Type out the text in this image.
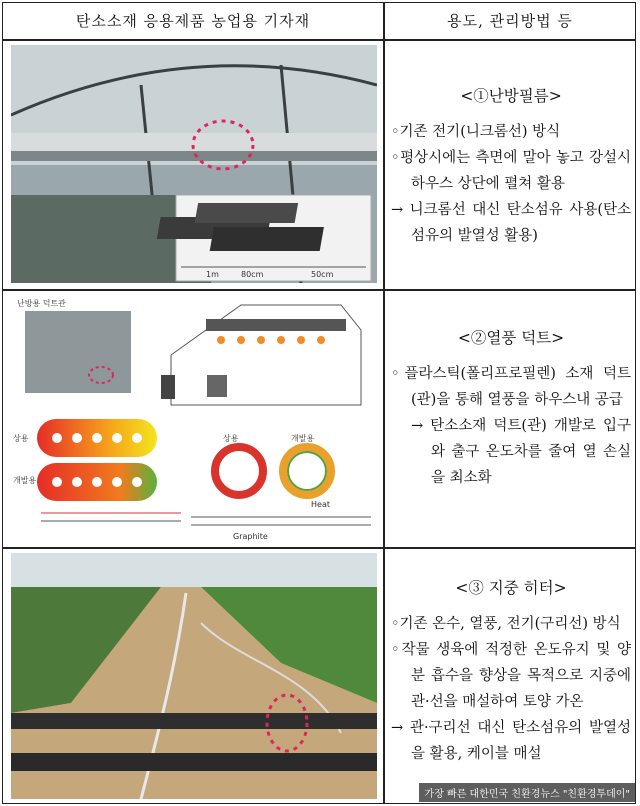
탄소소재 응용제품 농업용 기자재	용도, 관리방법 등
1m	80cm	50cm
<①난방필름>

◦기존 전기(니크롬선) 방식

◦평상시에는 측면에 말아 놓고 강설시 하우스 상단에 펼쳐 활용

→ 니크롬선 대신 탄소섬유 사용(탄소섬유의 발열성 활용)

난방용 덕트관
상용
개발용
상용	개발용
Heat
Graphite
<②열풍 덕트>

◦플라스틱(폴리프로필렌) 소재 덕트(관)을 통해 열풍을 하우스내 공급

→ 탄소소재 덕트(관) 개발로 입구와 출구 온도차를 줄여 열 손실을 최소화

<③ 지중 히터>

◦기존 온수, 열풍, 전기(구리선) 방식

◦작물 생육에 적정한 온도유지 및 양분 흡수을 향상을 목적으로 지중에 관·선을 매설하여 토양 가온

→ 관·구리선 대신 탄소섬유의 발열성을 활용, 케이블 매설

가장 빠른 대한민국 친환경뉴스 "친환경투데이"
